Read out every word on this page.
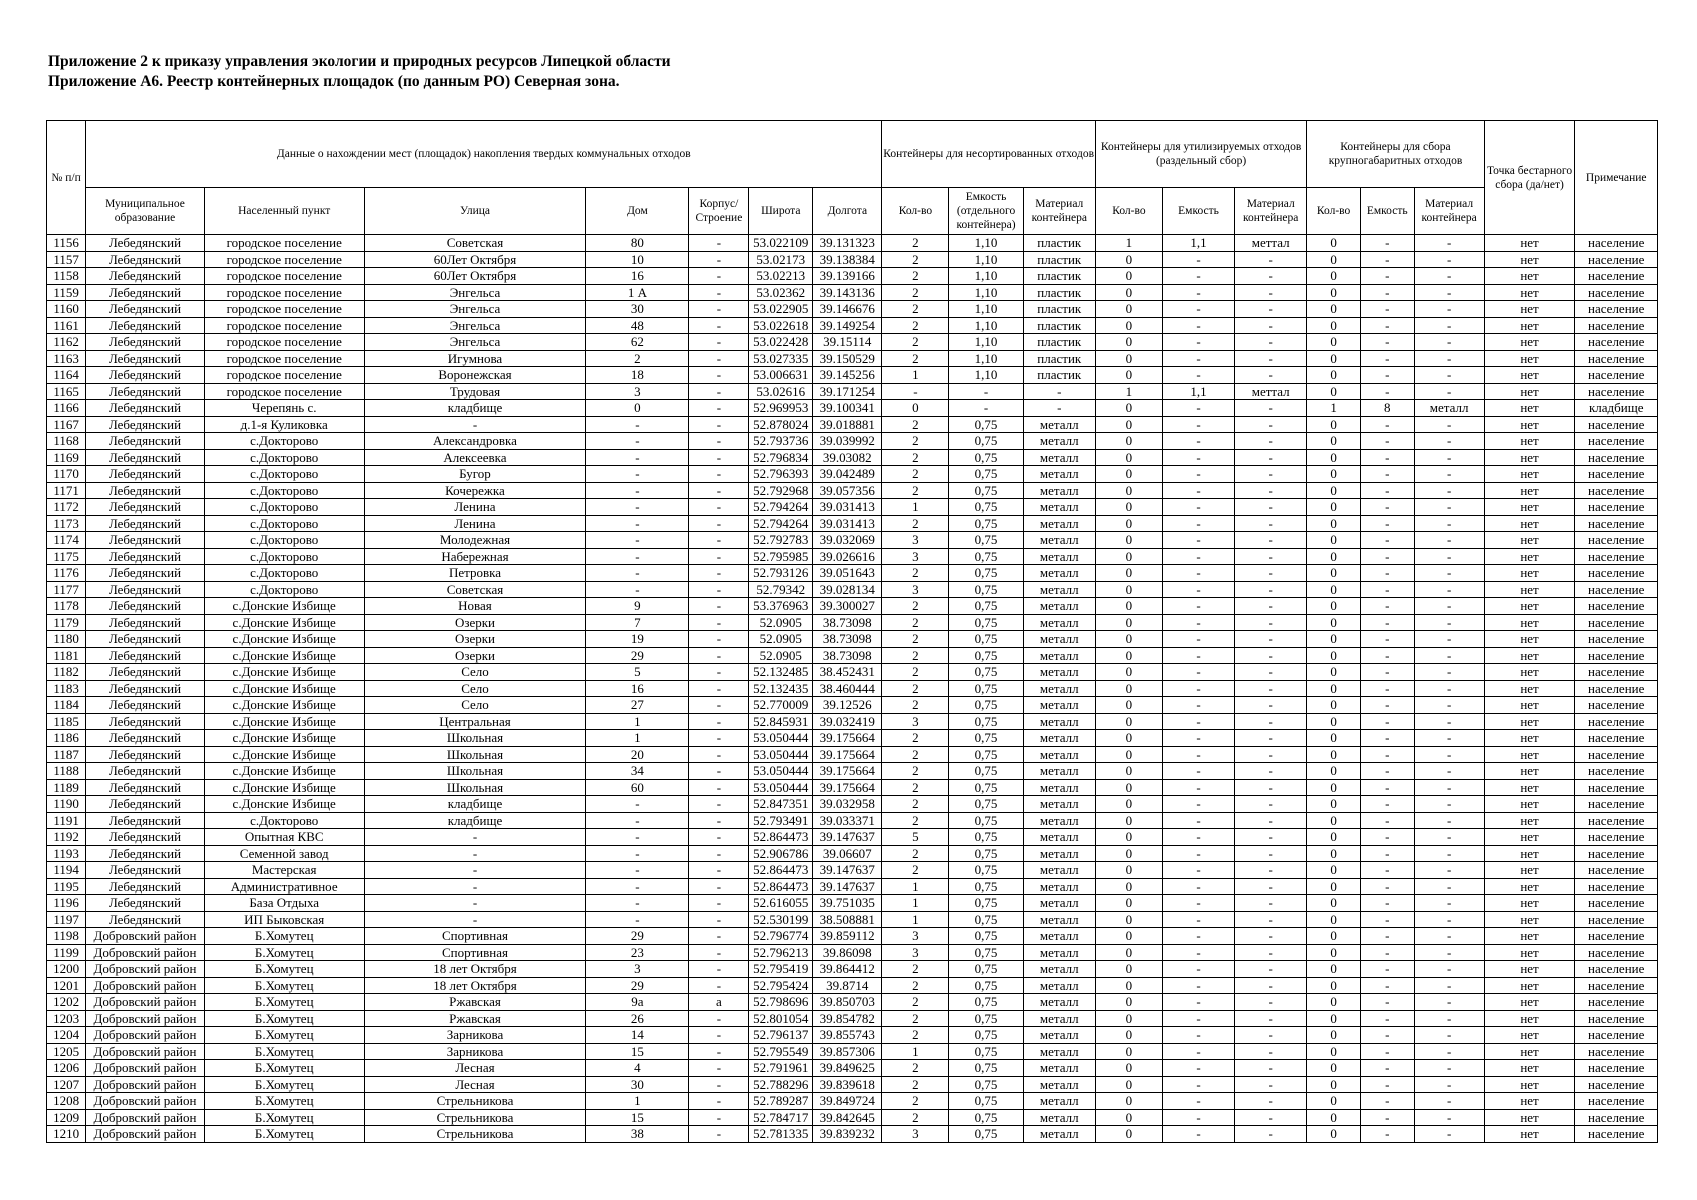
Приложение 2 к приказу управления экологии и природных ресурсов Липецкой области
Приложение А6. Реестр контейнерных площадок (по данным РО) Северная зона.
№ п/п	Данные о нахождении мест (площадок) накопления твердых коммунальных отходов							Контейнеры для несортированных отходов			Контейнеры для утилизируемых отходов (раздельный сбор)			Контейнеры для сбора крупногабаритных отходов			Точка бестарного сбора (да/нет)	Примечание
	Муниципальное образование	Населенный пункт	Улица	Дом	Корпус/ Строение	Широта	Долгота	Кол-во	Емкость (отдельного контейнера)	Материал контейнера	Кол-во	Емкость	Материал контейнера	Кол-во	Емкость	Материал контейнера		
1156	Лебедянский	городское поселение	Советская	80	-	53.022109	39.131323	2	1,10	пластик	1	1,1	меттал	0	-	-	нет	население
1157	Лебедянский	городское поселение	60Лет Октября	10	-	53.02173	39.138384	2	1,10	пластик	0	-	-	0	-	-	нет	население
1158	Лебедянский	городское поселение	60Лет Октября	16	-	53.02213	39.139166	2	1,10	пластик	0	-	-	0	-	-	нет	население
1159	Лебедянский	городское поселение	Энгельса	1 А	-	53.02362	39.143136	2	1,10	пластик	0	-	-	0	-	-	нет	население
1160	Лебедянский	городское поселение	Энгельса	30	-	53.022905	39.146676	2	1,10	пластик	0	-	-	0	-	-	нет	население
1161	Лебедянский	городское поселение	Энгельса	48	-	53.022618	39.149254	2	1,10	пластик	0	-	-	0	-	-	нет	население
1162	Лебедянский	городское поселение	Энгельса	62	-	53.022428	39.15114	2	1,10	пластик	0	-	-	0	-	-	нет	население
1163	Лебедянский	городское поселение	Игумнова	2	-	53.027335	39.150529	2	1,10	пластик	0	-	-	0	-	-	нет	население
1164	Лебедянский	городское поселение	Воронежская	18	-	53.006631	39.145256	1	1,10	пластик	0	-	-	0	-	-	нет	население
1165	Лебедянский	городское поселение	Трудовая	3	-	53.02616	39.171254	-	-	-	1	1,1	меттал	0	-	-	нет	население
1166	Лебедянский	Черепянь с.	кладбище	0	-	52.969953	39.100341	0	-	-	0	-	-	1	8	металл	нет	кладбище
1167	Лебедянский	д.1-я Куликовка	-	-	-	52.878024	39.018881	2	0,75	металл	0	-	-	0	-	-	нет	население
1168	Лебедянский	с.Докторово	Александровка	-	-	52.793736	39.039992	2	0,75	металл	0	-	-	0	-	-	нет	население
1169	Лебедянский	с.Докторово	Алексеевка	-	-	52.796834	39.03082	2	0,75	металл	0	-	-	0	-	-	нет	население
1170	Лебедянский	с.Докторово	Бугор	-	-	52.796393	39.042489	2	0,75	металл	0	-	-	0	-	-	нет	население
1171	Лебедянский	с.Докторово	Кочережка	-	-	52.792968	39.057356	2	0,75	металл	0	-	-	0	-	-	нет	население
1172	Лебедянский	с.Докторово	Ленина	-	-	52.794264	39.031413	1	0,75	металл	0	-	-	0	-	-	нет	население
1173	Лебедянский	с.Докторово	Ленина	-	-	52.794264	39.031413	2	0,75	металл	0	-	-	0	-	-	нет	население
1174	Лебедянский	с.Докторово	Молодежная	-	-	52.792783	39.032069	3	0,75	металл	0	-	-	0	-	-	нет	население
1175	Лебедянский	с.Докторово	Набережная	-	-	52.795985	39.026616	3	0,75	металл	0	-	-	0	-	-	нет	население
1176	Лебедянский	с.Докторово	Петровка	-	-	52.793126	39.051643	2	0,75	металл	0	-	-	0	-	-	нет	население
1177	Лебедянский	с.Докторово	Советская	-	-	52.79342	39.028134	3	0,75	металл	0	-	-	0	-	-	нет	население
1178	Лебедянский	с.Донские Избище	Новая	9	-	53.376963	39.300027	2	0,75	металл	0	-	-	0	-	-	нет	население
1179	Лебедянский	с.Донские Избище	Озерки	7	-	52.0905	38.73098	2	0,75	металл	0	-	-	0	-	-	нет	население
1180	Лебедянский	с.Донские Избище	Озерки	19	-	52.0905	38.73098	2	0,75	металл	0	-	-	0	-	-	нет	население
1181	Лебедянский	с.Донские Избище	Озерки	29	-	52.0905	38.73098	2	0,75	металл	0	-	-	0	-	-	нет	население
1182	Лебедянский	с.Донские Избище	Село	5	-	52.132485	38.452431	2	0,75	металл	0	-	-	0	-	-	нет	население
1183	Лебедянский	с.Донские Избище	Село	16	-	52.132435	38.460444	2	0,75	металл	0	-	-	0	-	-	нет	население
1184	Лебедянский	с.Донские Избище	Село	27	-	52.770009	39.12526	2	0,75	металл	0	-	-	0	-	-	нет	население
1185	Лебедянский	с.Донские Избище	Центральная	1	-	52.845931	39.032419	3	0,75	металл	0	-	-	0	-	-	нет	население
1186	Лебедянский	с.Донские Избище	Школьная	1	-	53.050444	39.175664	2	0,75	металл	0	-	-	0	-	-	нет	население
1187	Лебедянский	с.Донские Избище	Школьная	20	-	53.050444	39.175664	2	0,75	металл	0	-	-	0	-	-	нет	население
1188	Лебедянский	с.Донские Избище	Школьная	34	-	53.050444	39.175664	2	0,75	металл	0	-	-	0	-	-	нет	население
1189	Лебедянский	с.Донские Избище	Школьная	60	-	53.050444	39.175664	2	0,75	металл	0	-	-	0	-	-	нет	население
1190	Лебедянский	с.Донские Избище	кладбище	-	-	52.847351	39.032958	2	0,75	металл	0	-	-	0	-	-	нет	население
1191	Лебедянский	с.Докторово	кладбище	-	-	52.793491	39.033371	2	0,75	металл	0	-	-	0	-	-	нет	население
1192	Лебедянский	Опытная КВС	-	-	-	52.864473	39.147637	5	0,75	металл	0	-	-	0	-	-	нет	население
1193	Лебедянский	Семенной завод	-	-	-	52.906786	39.06607	2	0,75	металл	0	-	-	0	-	-	нет	население
1194	Лебедянский	Мастерская	-	-	-	52.864473	39.147637	2	0,75	металл	0	-	-	0	-	-	нет	население
1195	Лебедянский	Административное	-	-	-	52.864473	39.147637	1	0,75	металл	0	-	-	0	-	-	нет	население
1196	Лебедянский	База Отдыха	-	-	-	52.616055	39.751035	1	0,75	металл	0	-	-	0	-	-	нет	население
1197	Лебедянский	ИП Быковская	-	-	-	52.530199	38.508881	1	0,75	металл	0	-	-	0	-	-	нет	население
1198	Добровский район	Б.Хомутец	Спортивная	29	-	52.796774	39.859112	3	0,75	металл	0	-	-	0	-	-	нет	население
1199	Добровский район	Б.Хомутец	Спортивная	23	-	52.796213	39.86098	3	0,75	металл	0	-	-	0	-	-	нет	население
1200	Добровский район	Б.Хомутец	18 лет Октября	3	-	52.795419	39.864412	2	0,75	металл	0	-	-	0	-	-	нет	население
1201	Добровский район	Б.Хомутец	18 лет Октября	29	-	52.795424	39.8714	2	0,75	металл	0	-	-	0	-	-	нет	население
1202	Добровский район	Б.Хомутец	Ржавская	9а	а	52.798696	39.850703	2	0,75	металл	0	-	-	0	-	-	нет	население
1203	Добровский район	Б.Хомутец	Ржавская	26	-	52.801054	39.854782	2	0,75	металл	0	-	-	0	-	-	нет	население
1204	Добровский район	Б.Хомутец	Зарникова	14	-	52.796137	39.855743	2	0,75	металл	0	-	-	0	-	-	нет	население
1205	Добровский район	Б.Хомутец	Зарникова	15	-	52.795549	39.857306	1	0,75	металл	0	-	-	0	-	-	нет	население
1206	Добровский район	Б.Хомутец	Лесная	4	-	52.791961	39.849625	2	0,75	металл	0	-	-	0	-	-	нет	население
1207	Добровский район	Б.Хомутец	Лесная	30	-	52.788296	39.839618	2	0,75	металл	0	-	-	0	-	-	нет	население
1208	Добровский район	Б.Хомутец	Стрельникова	1	-	52.789287	39.849724	2	0,75	металл	0	-	-	0	-	-	нет	население
1209	Добровский район	Б.Хомутец	Стрельникова	15	-	52.784717	39.842645	2	0,75	металл	0	-	-	0	-	-	нет	население
1210	Добровский район	Б.Хомутец	Стрельникова	38	-	52.781335	39.839232	3	0,75	металл	0	-	-	0	-	-	нет	население
